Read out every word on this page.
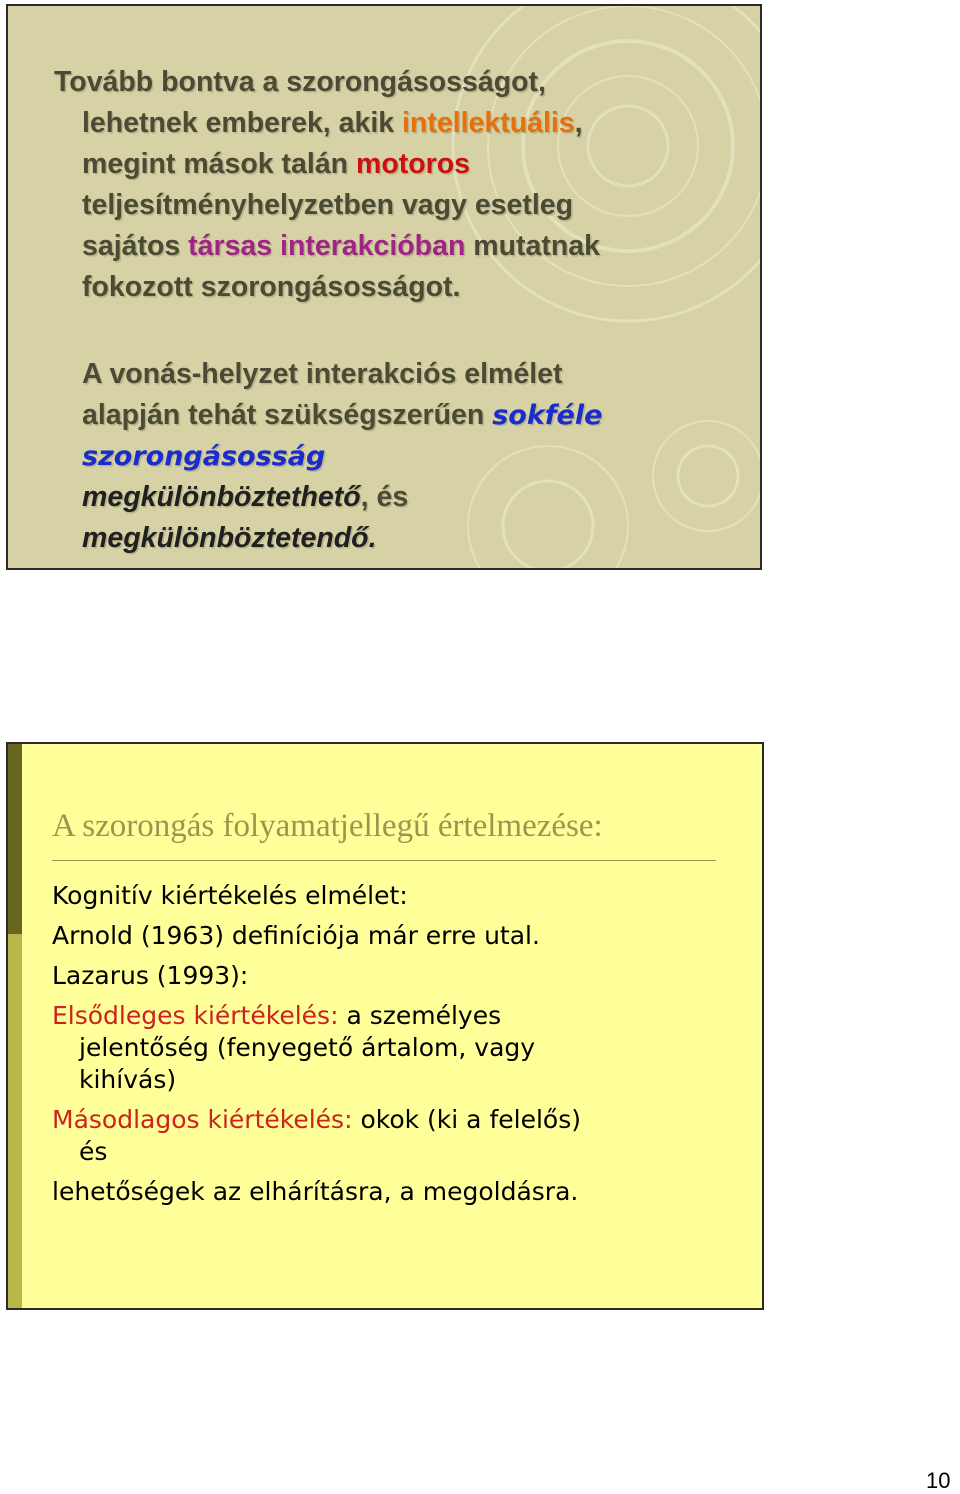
Tovább bontva a szorongásosságot,
lehetnek emberek, akik intellektuális,
megint mások talán motoros
teljesítményhelyzetben vagy esetleg
sajátos társas interakcióban mutatnak
fokozott szorongásosságot.

A vonás-helyzet interakciós elmélet
alapján tehát szükségszerűen sokféle
szorongásosság
megkülönböztethető, és
megkülönböztetendő.

A szorongás folyamatjellegű értelmezése:
Kognitív kiértékelés elmélet:
Arnold (1963) definíciója már erre utal.
Lazarus (1993):
Elsődleges kiértékelés: a személyes
jelentőség (fenyegető ártalom, vagy
kihívás)
Másodlagos kiértékelés: okok (ki a felelős)
és
lehetőségek az elhárításra, a megoldásra.
10
